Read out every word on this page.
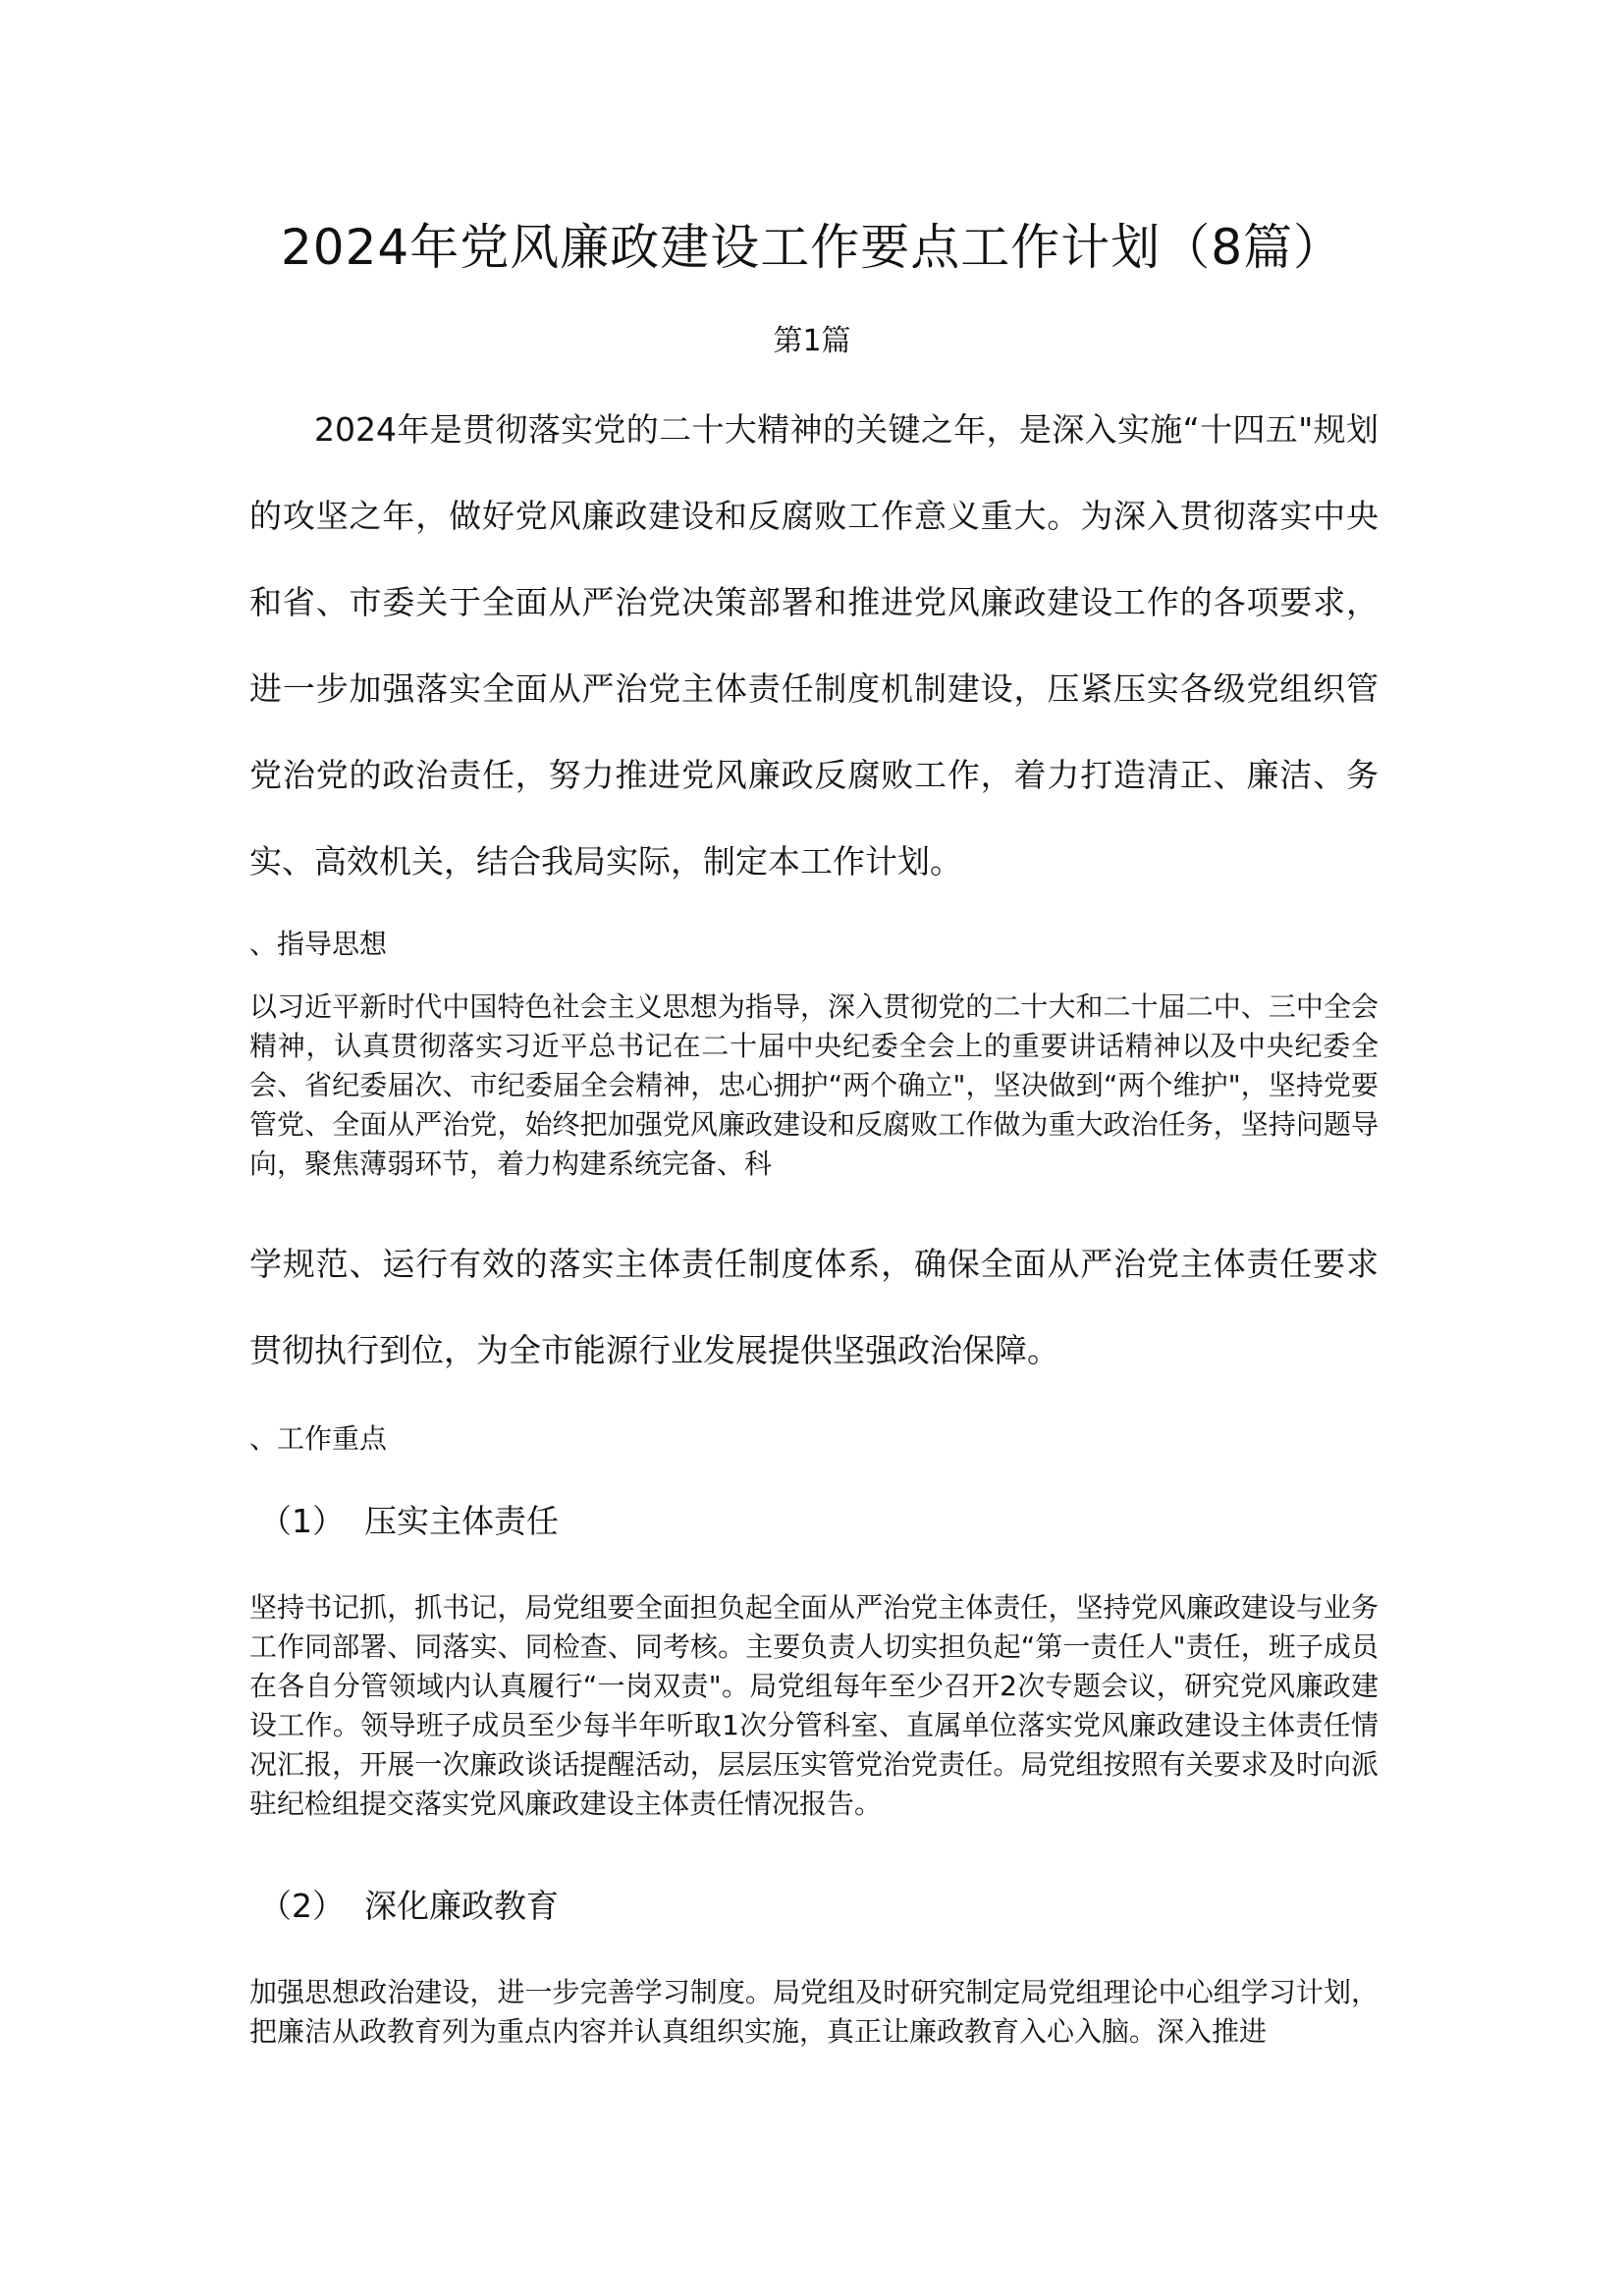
2024年党风廉政建设工作要点工作计划（8篇）
第1篇

2024年是贯彻落实党的二十大精神的关键之年，是深入实施“十四五"规划的攻坚之年，做好党风廉政建设和反腐败工作意义重大。为深入贯彻落实中央和省、市委关于全面从严治党决策部署和推进党风廉政建设工作的各项要求，进一步加强落实全面从严治党主体责任制度机制建设，压紧压实各级党组织管党治党的政治责任，努力推进党风廉政反腐败工作，着力打造清正、廉洁、务实、高效机关，结合我局实际，制定本工作计划。

、指导思想

以习近平新时代中国特色社会主义思想为指导，深入贯彻党的二十大和二十届二中、三中全会精神，认真贯彻落实习近平总书记在二十届中央纪委全会上的重要讲话精神以及中央纪委全会、省纪委届次、市纪委届全会精神，忠心拥护“两个确立"，坚决做到“两个维护"，坚持党要管党、全面从严治党，始终把加强党风廉政建设和反腐败工作做为重大政治任务，坚持问题导向，聚焦薄弱环节，着力构建系统完备、科

学规范、运行有效的落实主体责任制度体系，确保全面从严治党主体责任要求贯彻执行到位，为全市能源行业发展提供坚强政治保障。

、工作重点
（1） 压实主体责任

坚持书记抓，抓书记，局党组要全面担负起全面从严治党主体责任，坚持党风廉政建设与业务工作同部署、同落实、同检查、同考核。主要负责人切实担负起“第一责任人"责任，班子成员在各自分管领域内认真履行“一岗双责"。局党组每年至少召开2次专题会议，研究党风廉政建设工作。领导班子成员至少每半年听取1次分管科室、直属单位落实党风廉政建设主体责任情况汇报，开展一次廉政谈话提醒活动，层层压实管党治党责任。局党组按照有关要求及时向派驻纪检组提交落实党风廉政建设主体责任情况报告。

（2） 深化廉政教育

加强思想政治建设，进一步完善学习制度。局党组及时研究制定局党组理论中心组学习计划，把廉洁从政教育列为重点内容并认真组织实施，真正让廉政教育入心入脑。深入推进
